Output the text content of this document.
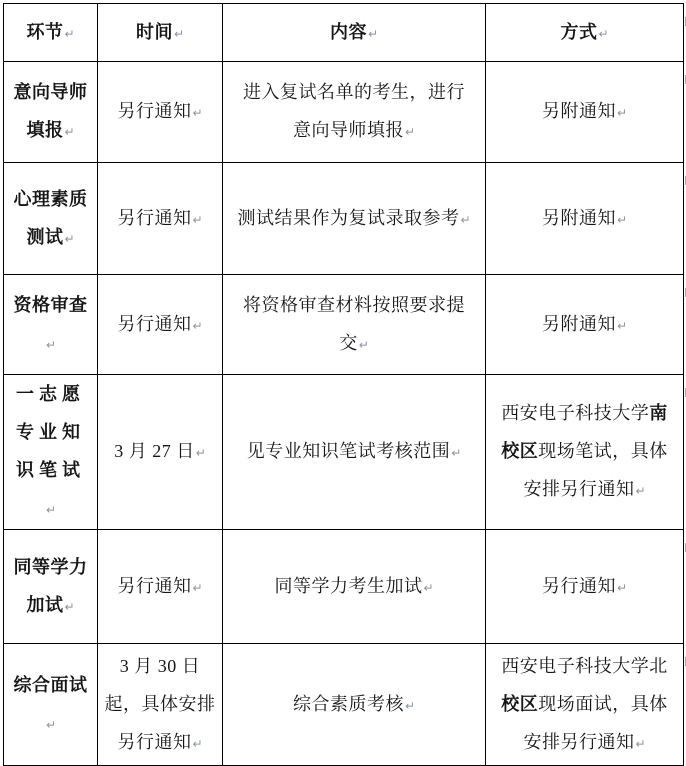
环节↵	时间↵	内容↵	方式↵

意向导师填报↵	另行通知↵	进入复试名单的考生，进行意向导师填报↵	另附通知↵

心理素质测试↵	另行通知↵	测试结果作为复试录取参考↵	另附通知↵

资格审查↵	另行通知↵	将资格审查材料按照要求提交↵	另附通知↵

一志愿专业知识笔试↵	3 月 27 日↵	见专业知识笔试考核范围↵	西安电子科技大学南校区现场笔试，具体安排另行通知↵

同等学力加试↵	另行通知↵	同等学力考生加试↵	另行通知↵

综合面试↵	3 月 30 日起，具体安排另行通知↵	综合素质考核↵	西安电子科技大学北校区现场面试，具体安排另行通知↵
